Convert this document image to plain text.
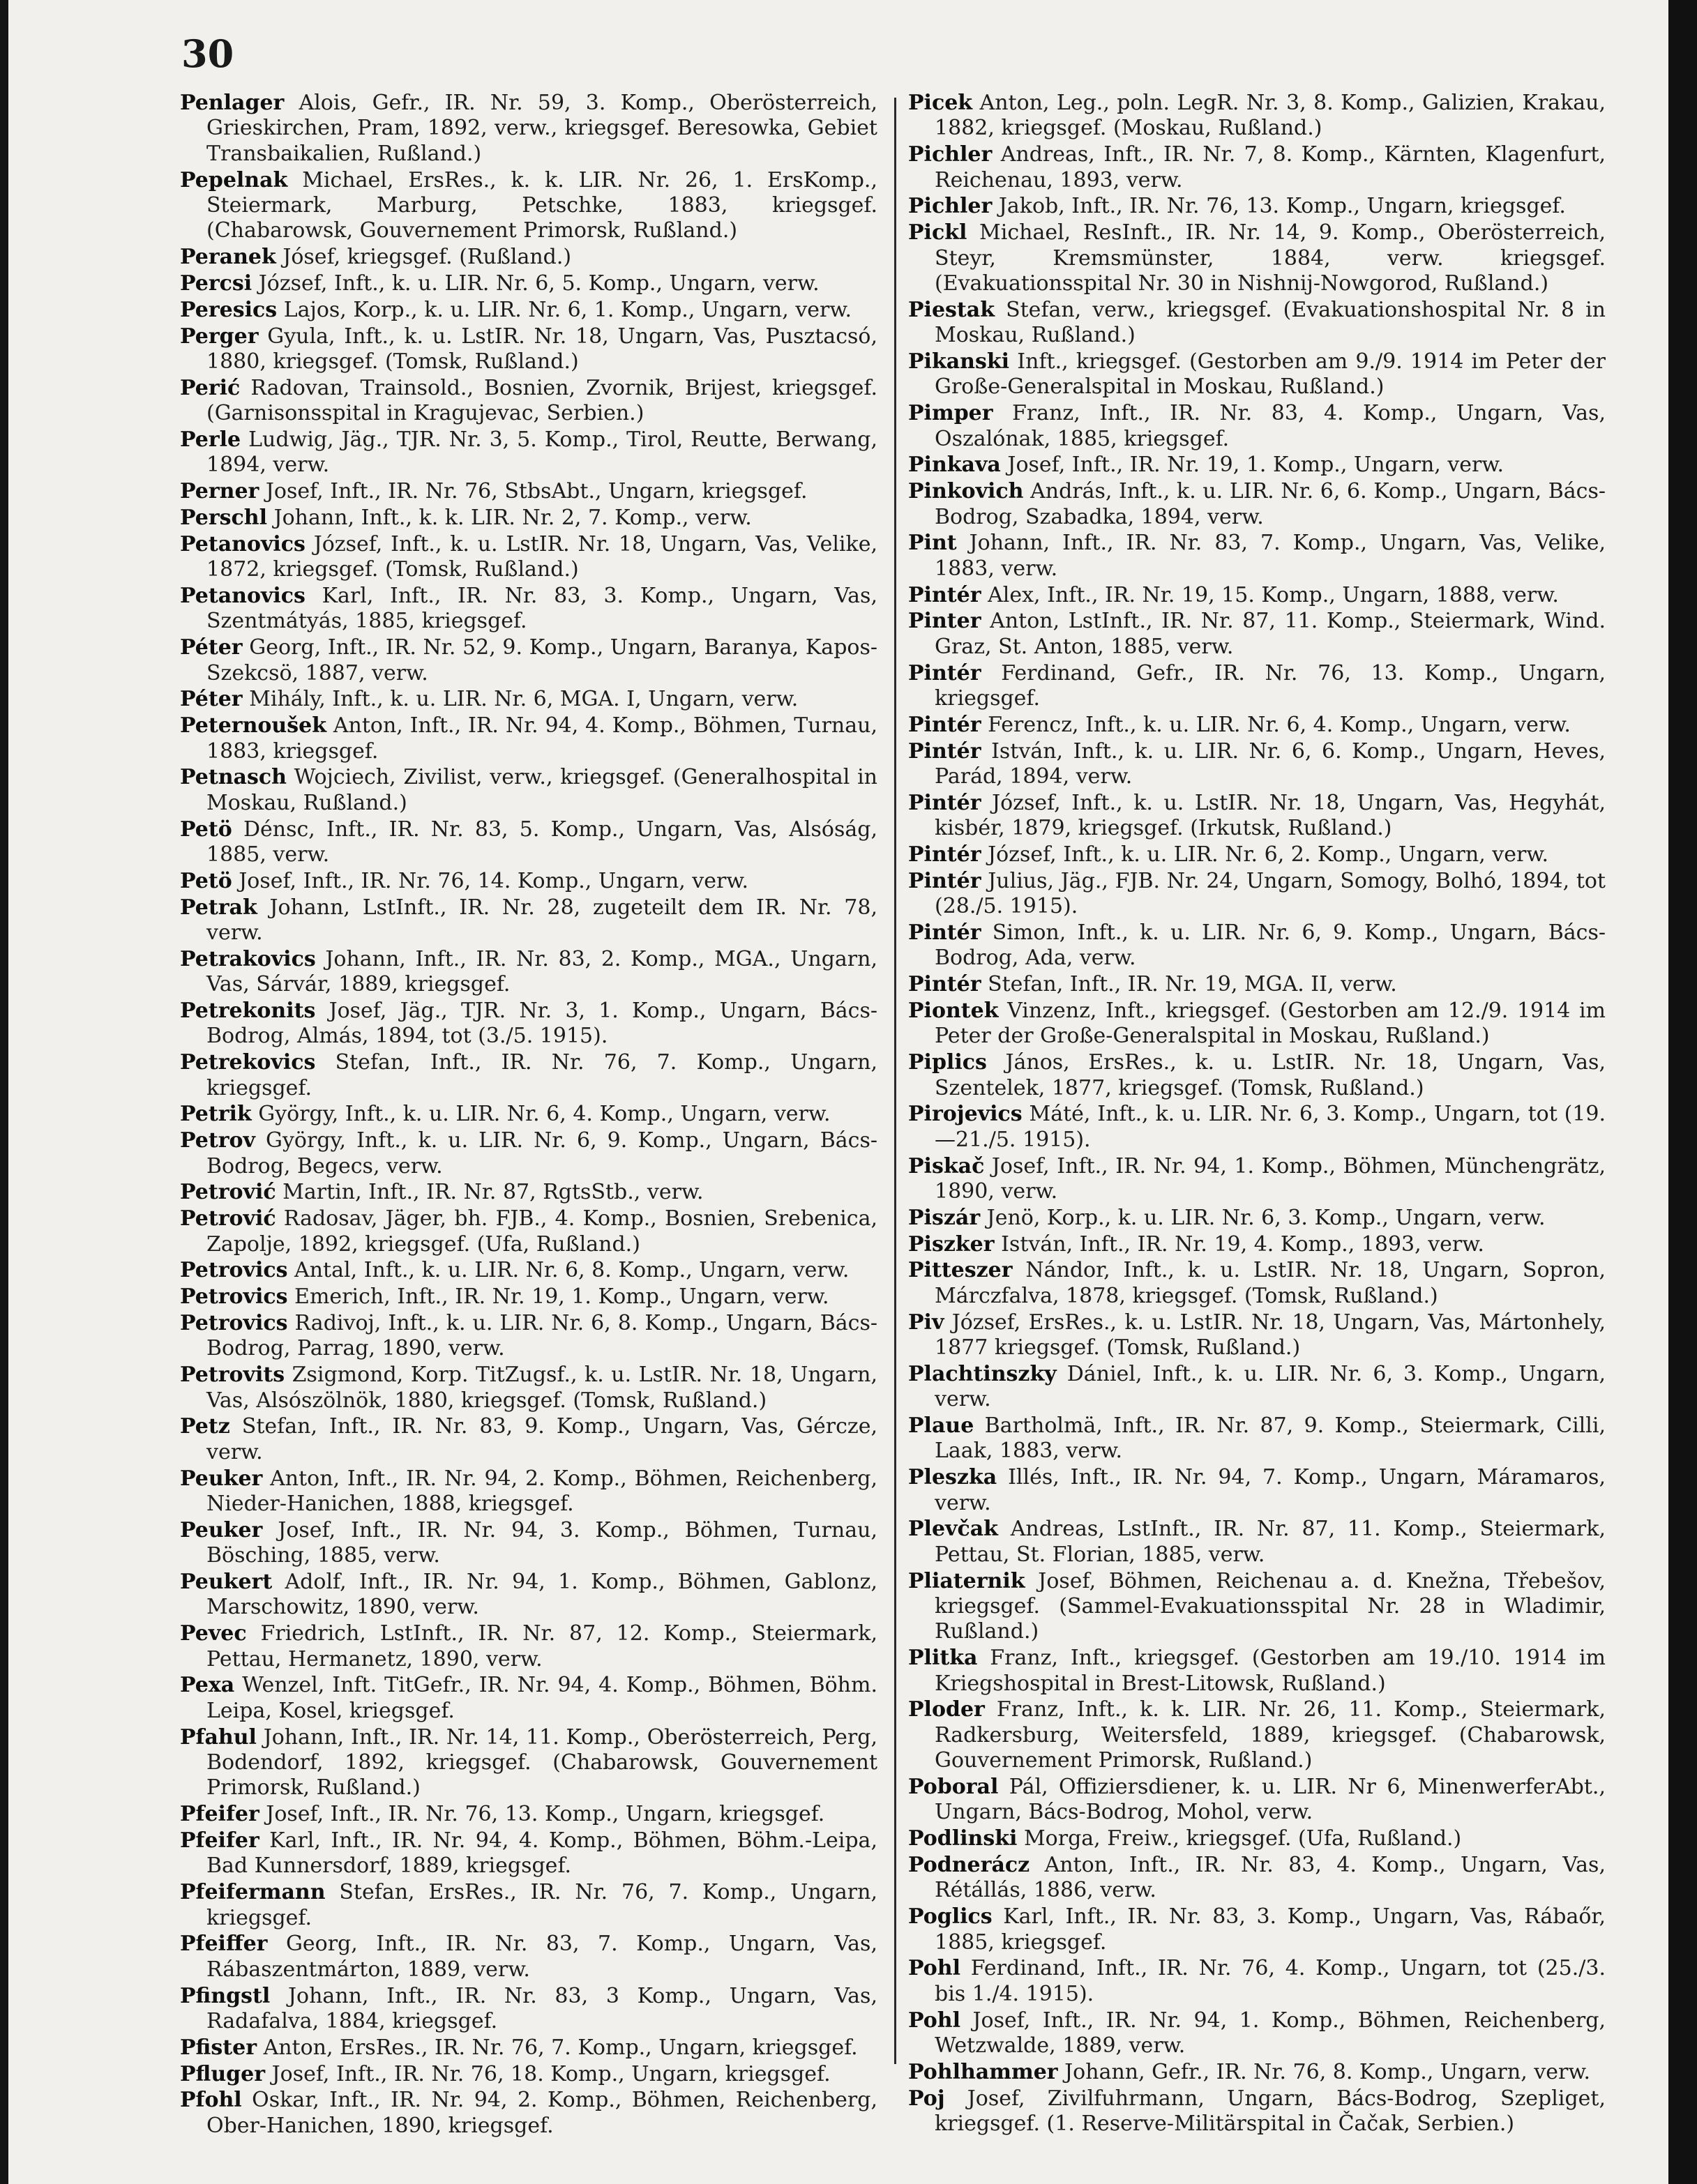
30

Penlager Alois, Gefr., IR. Nr. 59, 3. Komp., Oberösterreich, Grieskirchen, Pram, 1892, verw., kriegsgef. Beresowka, Gebiet Transbaikalien, Rußland.)

Pepelnak Michael, ErsRes., k. k. LIR. Nr. 26, 1. ErsKomp., Steiermark, Marburg, Petschke, 1883, kriegsgef. (Chabarowsk, Gouvernement Primorsk, Rußland.)

Peranek Jósef, kriegsgef. (Rußland.)

Percsi József, Inft., k. u. LIR. Nr. 6, 5. Komp., Ungarn, verw.

Peresics Lajos, Korp., k. u. LIR. Nr. 6, 1. Komp., Ungarn, verw.

Perger Gyula, Inft., k. u. LstIR. Nr. 18, Ungarn, Vas, Pusztacsó, 1880, kriegsgef. (Tomsk, Rußland.)

Perić Radovan, Trainsold., Bosnien, Zvornik, Brijest, kriegsgef. (Garnisonsspital in Kragujevac, Serbien.)

Perle Ludwig, Jäg., TJR. Nr. 3, 5. Komp., Tirol, Reutte, Berwang, 1894, verw.

Perner Josef, Inft., IR. Nr. 76, StbsAbt., Ungarn, kriegsgef.

Perschl Johann, Inft., k. k. LIR. Nr. 2, 7. Komp., verw.

Petanovics József, Inft., k. u. LstIR. Nr. 18, Ungarn, Vas, Velike, 1872, kriegsgef. (Tomsk, Rußland.)

Petanovics Karl, Inft., IR. Nr. 83, 3. Komp., Ungarn, Vas, Szentmátyás, 1885, kriegsgef.

Péter Georg, Inft., IR. Nr. 52, 9. Komp., Ungarn, Baranya, Kapos-Szekcsö, 1887, verw.

Péter Mihály, Inft., k. u. LIR. Nr. 6, MGA. I, Ungarn, verw.

Peternoušek Anton, Inft., IR. Nr. 94, 4. Komp., Böhmen, Turnau, 1883, kriegsgef.

Petnasch Wojciech, Zivilist, verw., kriegsgef. (Generalhospital in Moskau, Rußland.)

Petö Dénsc, Inft., IR. Nr. 83, 5. Komp., Ungarn, Vas, Alsóság, 1885, verw.

Petö Josef, Inft., IR. Nr. 76, 14. Komp., Ungarn, verw.

Petrak Johann, LstInft., IR. Nr. 28, zugeteilt dem IR. Nr. 78, verw.

Petrakovics Johann, Inft., IR. Nr. 83, 2. Komp., MGA., Ungarn, Vas, Sárvár, 1889, kriegsgef.

Petrekonits Josef, Jäg., TJR. Nr. 3, 1. Komp., Ungarn, Bács-Bodrog, Almás, 1894, tot (3./5. 1915).

Petrekovics Stefan, Inft., IR. Nr. 76, 7. Komp., Ungarn, kriegsgef.

Petrik György, Inft., k. u. LIR. Nr. 6, 4. Komp., Ungarn, verw.

Petrov György, Inft., k. u. LIR. Nr. 6, 9. Komp., Ungarn, Bács-Bodrog, Begecs, verw.

Petrović Martin, Inft., IR. Nr. 87, RgtsStb., verw.

Petrović Radosav, Jäger, bh. FJB., 4. Komp., Bosnien, Srebenica, Zapolje, 1892, kriegsgef. (Ufa, Rußland.)

Petrovics Antal, Inft., k. u. LIR. Nr. 6, 8. Komp., Ungarn, verw.

Petrovics Emerich, Inft., IR. Nr. 19, 1. Komp., Ungarn, verw.

Petrovics Radivoj, Inft., k. u. LIR. Nr. 6, 8. Komp., Ungarn, Bács-Bodrog, Parrag, 1890, verw.

Petrovits Zsigmond, Korp. TitZugsf., k. u. LstIR. Nr. 18, Ungarn, Vas, Alsószölnök, 1880, kriegsgef. (Tomsk, Rußland.)

Petz Stefan, Inft., IR. Nr. 83, 9. Komp., Ungarn, Vas, Gércze, verw.

Peuker Anton, Inft., IR. Nr. 94, 2. Komp., Böhmen, Reichenberg, Nieder-Hanichen, 1888, kriegsgef.

Peuker Josef, Inft., IR. Nr. 94, 3. Komp., Böhmen, Turnau, Bösching, 1885, verw.

Peukert Adolf, Inft., IR. Nr. 94, 1. Komp., Böhmen, Gablonz, Marschowitz, 1890, verw.

Pevec Friedrich, LstInft., IR. Nr. 87, 12. Komp., Steiermark, Pettau, Hermanetz, 1890, verw.

Pexa Wenzel, Inft. TitGefr., IR. Nr. 94, 4. Komp., Böhmen, Böhm. Leipa, Kosel, kriegsgef.

Pfahul Johann, Inft., IR. Nr. 14, 11. Komp., Oberösterreich, Perg, Bodendorf, 1892, kriegsgef. (Chabarowsk, Gouvernement Primorsk, Rußland.)

Pfeifer Josef, Inft., IR. Nr. 76, 13. Komp., Ungarn, kriegsgef.

Pfeifer Karl, Inft., IR. Nr. 94, 4. Komp., Böhmen, Böhm.-Leipa, Bad Kunnersdorf, 1889, kriegsgef.

Pfeifermann Stefan, ErsRes., IR. Nr. 76, 7. Komp., Ungarn, kriegsgef.

Pfeiffer Georg, Inft., IR. Nr. 83, 7. Komp., Ungarn, Vas, Rábaszentmárton, 1889, verw.

Pfingstl Johann, Inft., IR. Nr. 83, 3 Komp., Ungarn, Vas, Radafalva, 1884, kriegsgef.

Pfister Anton, ErsRes., IR. Nr. 76, 7. Komp., Ungarn, kriegsgef.

Pfluger Josef, Inft., IR. Nr. 76, 18. Komp., Ungarn, kriegsgef.

Pfohl Oskar, Inft., IR. Nr. 94, 2. Komp., Böhmen, Reichenberg, Ober-Hanichen, 1890, kriegsgef.

Picek Anton, Leg., poln. LegR. Nr. 3, 8. Komp., Galizien, Krakau, 1882, kriegsgef. (Moskau, Rußland.)

Pichler Andreas, Inft., IR. Nr. 7, 8. Komp., Kärnten, Klagenfurt, Reichenau, 1893, verw.

Pichler Jakob, Inft., IR. Nr. 76, 13. Komp., Ungarn, kriegsgef.

Pickl Michael, ResInft., IR. Nr. 14, 9. Komp., Oberösterreich, Steyr, Kremsmünster, 1884, verw. kriegsgef. (Evakuationsspital Nr. 30 in Nishnij-Nowgorod, Rußland.)

Piestak Stefan, verw., kriegsgef. (Evakuationshospital Nr. 8 in Moskau, Rußland.)

Pikanski Inft., kriegsgef. (Gestorben am 9./9. 1914 im Peter der Große-Generalspital in Moskau, Rußland.)

Pimper Franz, Inft., IR. Nr. 83, 4. Komp., Ungarn, Vas, Oszalónak, 1885, kriegsgef.

Pinkava Josef, Inft., IR. Nr. 19, 1. Komp., Ungarn, verw.

Pinkovich András, Inft., k. u. LIR. Nr. 6, 6. Komp., Ungarn, Bács-Bodrog, Szabadka, 1894, verw.

Pint Johann, Inft., IR. Nr. 83, 7. Komp., Ungarn, Vas, Velike, 1883, verw.

Pintér Alex, Inft., IR. Nr. 19, 15. Komp., Ungarn, 1888, verw.

Pinter Anton, LstInft., IR. Nr. 87, 11. Komp., Steiermark, Wind. Graz, St. Anton, 1885, verw.

Pintér Ferdinand, Gefr., IR. Nr. 76, 13. Komp., Ungarn, kriegsgef.

Pintér Ferencz, Inft., k. u. LIR. Nr. 6, 4. Komp., Ungarn, verw.

Pintér István, Inft., k. u. LIR. Nr. 6, 6. Komp., Ungarn, Heves, Parád, 1894, verw.

Pintér József, Inft., k. u. LstIR. Nr. 18, Ungarn, Vas, Hegyhát, kisbér, 1879, kriegsgef. (Irkutsk, Rußland.)

Pintér József, Inft., k. u. LIR. Nr. 6, 2. Komp., Ungarn, verw.

Pintér Julius, Jäg., FJB. Nr. 24, Ungarn, Somogy, Bolhó, 1894, tot (28./5. 1915).

Pintér Simon, Inft., k. u. LIR. Nr. 6, 9. Komp., Ungarn, Bács-Bodrog, Ada, verw.

Pintér Stefan, Inft., IR. Nr. 19, MGA. II, verw.

Piontek Vinzenz, Inft., kriegsgef. (Gestorben am 12./9. 1914 im Peter der Große-Generalspital in Moskau, Rußland.)

Piplics János, ErsRes., k. u. LstIR. Nr. 18, Ungarn, Vas, Szentelek, 1877, kriegsgef. (Tomsk, Rußland.)

Pirojevics Máté, Inft., k. u. LIR. Nr. 6, 3. Komp., Ungarn, tot (19.—21./5. 1915).

Piskač Josef, Inft., IR. Nr. 94, 1. Komp., Böhmen, Münchengrätz, 1890, verw.

Piszár Jenö, Korp., k. u. LIR. Nr. 6, 3. Komp., Ungarn, verw.

Piszker István, Inft., IR. Nr. 19, 4. Komp., 1893, verw.

Pitteszer Nándor, Inft., k. u. LstIR. Nr. 18, Ungarn, Sopron, Márczfalva, 1878, kriegsgef. (Tomsk, Rußland.)

Piv József, ErsRes., k. u. LstIR. Nr. 18, Ungarn, Vas, Mártonhely, 1877 kriegsgef. (Tomsk, Rußland.)

Plachtinszky Dániel, Inft., k. u. LIR. Nr. 6, 3. Komp., Ungarn, verw.

Plaue Bartholmä, Inft., IR. Nr. 87, 9. Komp., Steiermark, Cilli, Laak, 1883, verw.

Pleszka Illés, Inft., IR. Nr. 94, 7. Komp., Ungarn, Máramaros, verw.

Plevčak Andreas, LstInft., IR. Nr. 87, 11. Komp., Steiermark, Pettau, St. Florian, 1885, verw.

Pliaternik Josef, Böhmen, Reichenau a. d. Knežna, Třebešov, kriegsgef. (Sammel-Evakuationsspital Nr. 28 in Wladimir, Rußland.)

Plitka Franz, Inft., kriegsgef. (Gestorben am 19./10. 1914 im Kriegshospital in Brest-Litowsk, Rußland.)

Ploder Franz, Inft., k. k. LIR. Nr. 26, 11. Komp., Steiermark, Radkersburg, Weitersfeld, 1889, kriegsgef. (Chabarowsk, Gouvernement Primorsk, Rußland.)

Poboral Pál, Offiziersdiener, k. u. LIR. Nr 6, MinenwerferAbt., Ungarn, Bács-Bodrog, Mohol, verw.

Podlinski Morga, Freiw., kriegsgef. (Ufa, Rußland.)

Podnerácz Anton, Inft., IR. Nr. 83, 4. Komp., Ungarn, Vas, Rétállás, 1886, verw.

Poglics Karl, Inft., IR. Nr. 83, 3. Komp., Ungarn, Vas, Rábaőr, 1885, kriegsgef.

Pohl Ferdinand, Inft., IR. Nr. 76, 4. Komp., Ungarn, tot (25./3. bis 1./4. 1915).

Pohl Josef, Inft., IR. Nr. 94, 1. Komp., Böhmen, Reichenberg, Wetzwalde, 1889, verw.

Pohlhammer Johann, Gefr., IR. Nr. 76, 8. Komp., Ungarn, verw.

Poj Josef, Zivilfuhrmann, Ungarn, Bács-Bodrog, Szepliget, kriegsgef. (1. Reserve-Militärspital in Čačak, Serbien.)
